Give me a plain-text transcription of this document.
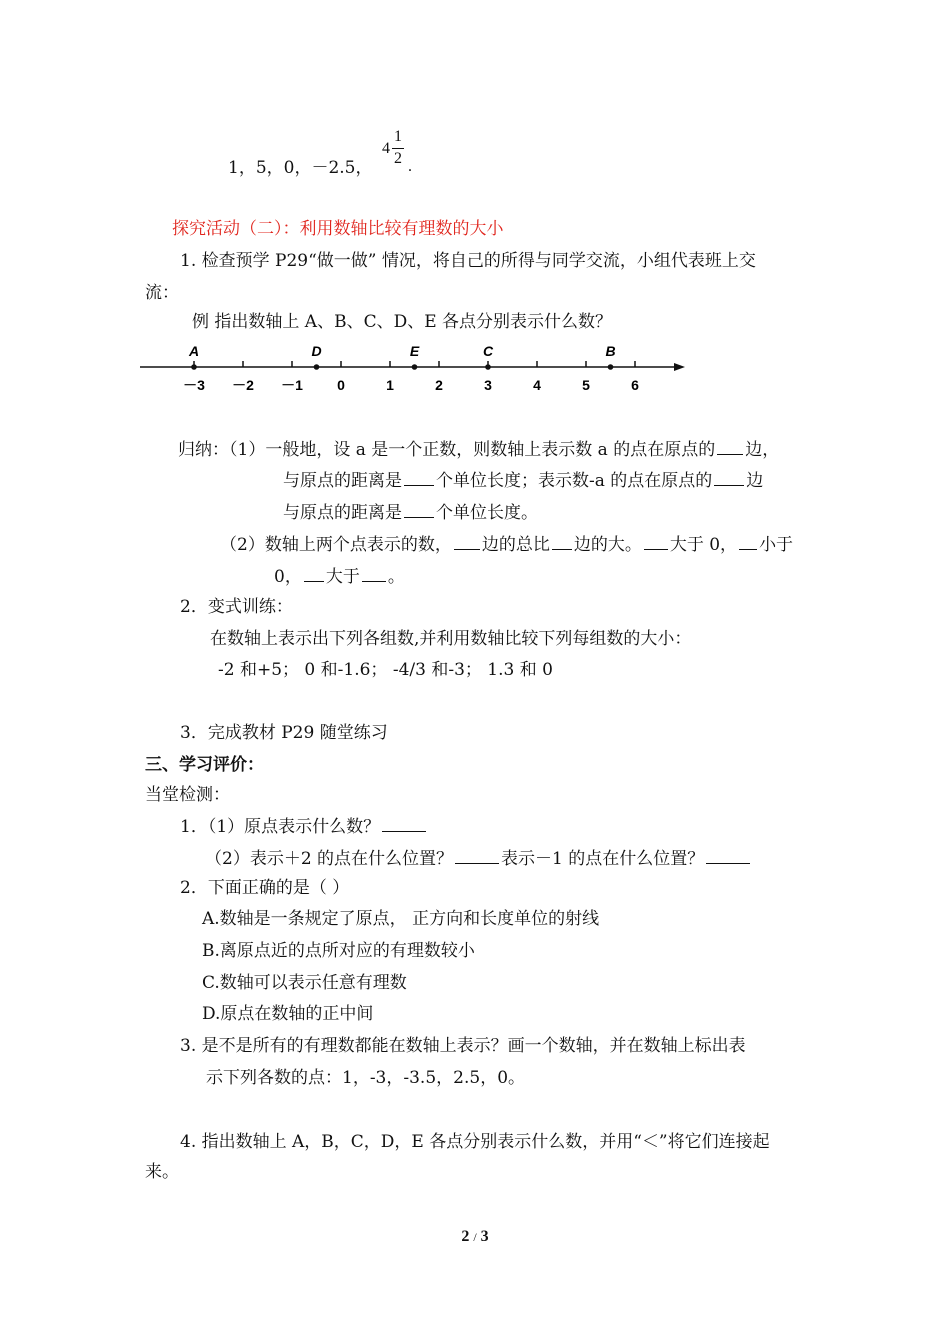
1，5，0，－2.5，
4
1
2 .
探究活动（二）：利用数轴比较有理数的大小
1. 检查预学 P29“做一做” 情况，将自己的所得与同学交流，小组代表班上交
流：
例 指出数轴上 A、B、C、D、E 各点分别表示什么数？
－3 －2 －1 0	1	2	3	4	5	6
A	D	E	C	B
归纳：（1）一般地，设 a 是一个正数，则数轴上表示数 a 的点在原点的 边，
与原点的距离是 个单位长度；表示数-a 的点在原点的 边
与原点的距离是 个单位长度。
（2）数轴上两个点表示的数， 边的总比 边的大。 大于 0， 小于
0， 大于 。
2．变式训练：
在数轴上表示出下列各组数,并利用数轴比较下列每组数的大小：
-2 和+5； 0 和-1.6； -4/3 和-3； 1.3 和 0
3．完成教材 P29 随堂练习
三、学习评价：
当堂检测：
1．（1）原点表示什么数？
（2）表示＋2 的点在什么位置？	表示－1 的点在什么位置？
2．下面正确的是（ ）
A.数轴是一条规定了原点， 正方向和长度单位的射线
B.离原点近的点所对应的有理数较小
C.数轴可以表示任意有理数
D.原点在数轴的正中间
3. 是不是所有的有理数都能在数轴上表示？画一个数轴，并在数轴上标出表
示下列各数的点：1，-3，-3.5，2.5，0。
4. 指出数轴上 A，B，C，D，E 各点分别表示什么数，并用“＜”将它们连接起
来。
2 / 3
